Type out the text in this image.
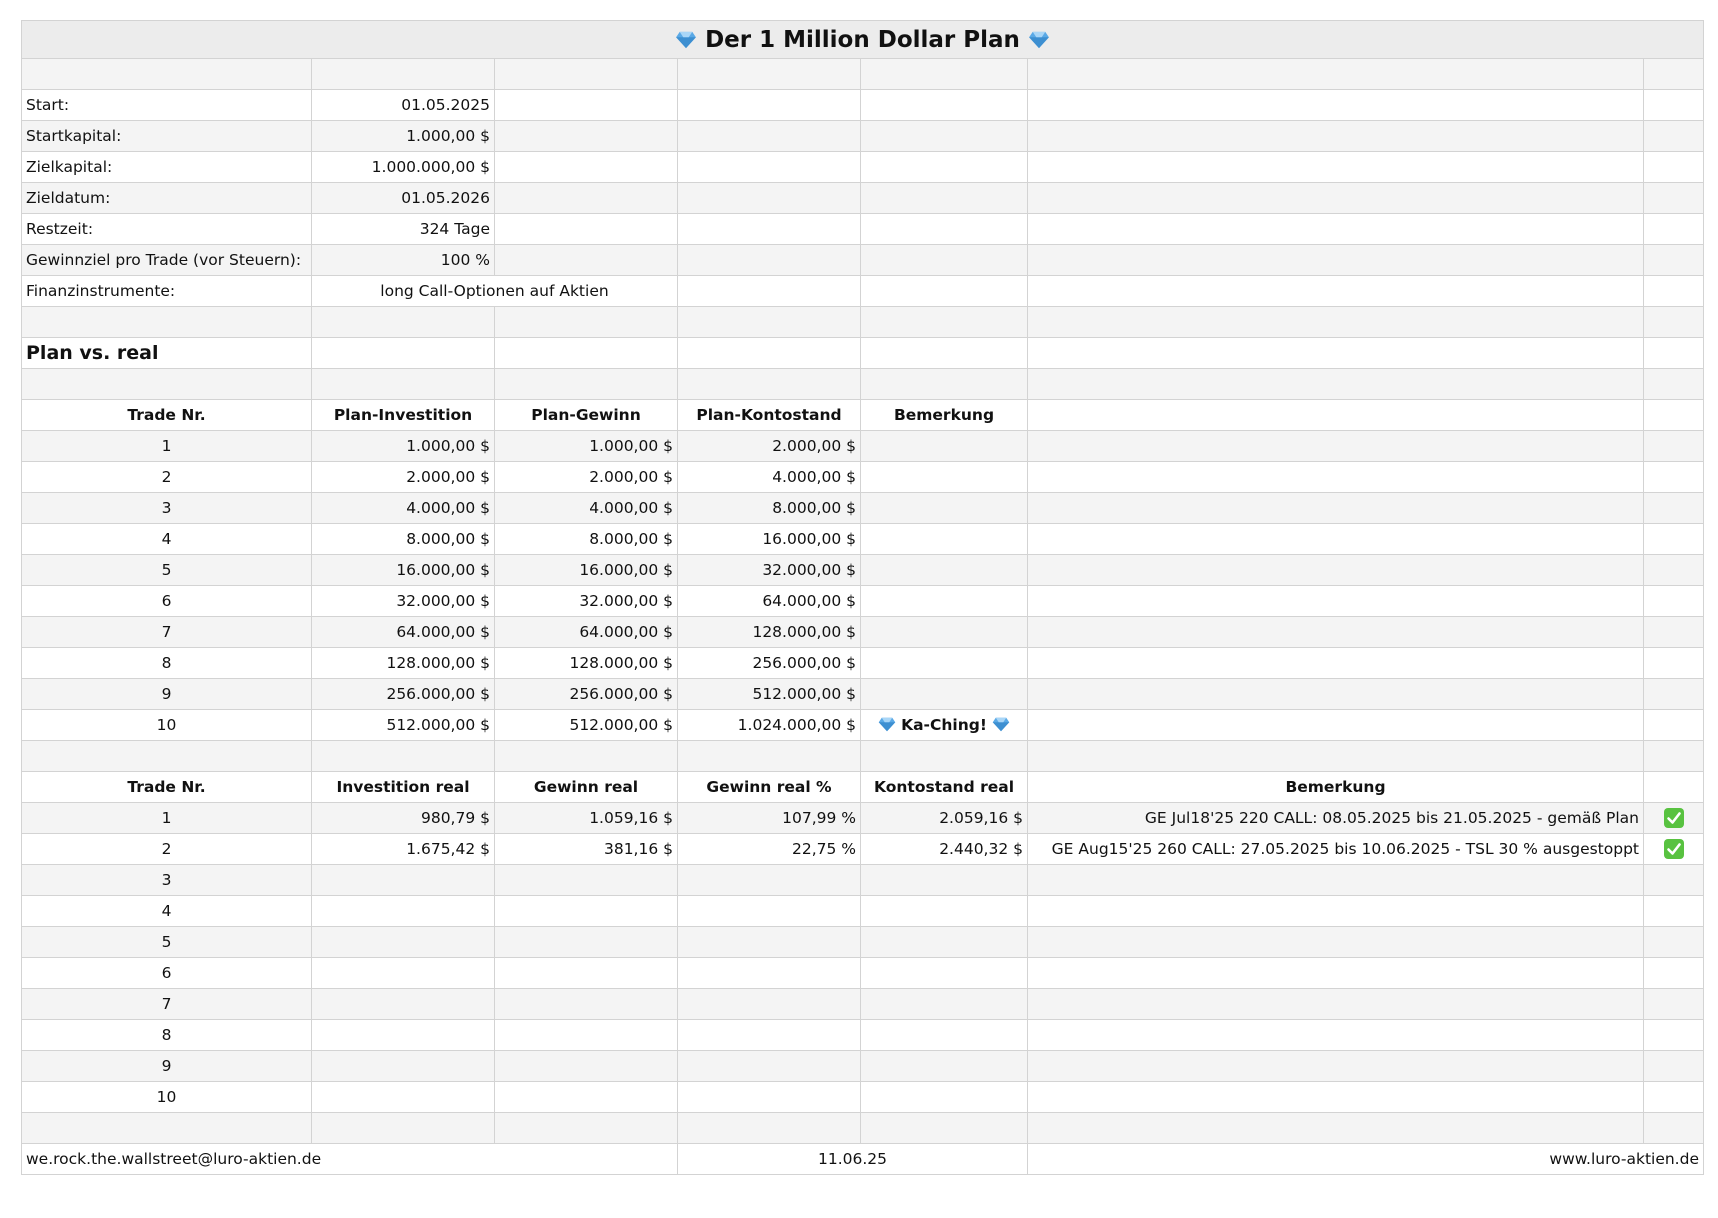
Der 1 Million Dollar Plan						

Start:	01.05.2025					
Startkapital:	1.000,00 $					
Zielkapital:	1.000.000,00 $					
Zieldatum:	01.05.2026					
Restzeit:	324 Tage					
Gewinnziel pro Trade (vor Steuern):	100 %					
Finanzinstrumente:	long Call-Optionen auf Aktien					

Plan vs. real						

Trade Nr.	Plan-Investition	Plan-Gewinn	Plan-Kontostand	Bemerkung		
1	1.000,00 $	1.000,00 $	2.000,00 $			
2	2.000,00 $	2.000,00 $	4.000,00 $			
3	4.000,00 $	4.000,00 $	8.000,00 $			
4	8.000,00 $	8.000,00 $	16.000,00 $			
5	16.000,00 $	16.000,00 $	32.000,00 $			
6	32.000,00 $	32.000,00 $	64.000,00 $			
7	64.000,00 $	64.000,00 $	128.000,00 $			
8	128.000,00 $	128.000,00 $	256.000,00 $			
9	256.000,00 $	256.000,00 $	512.000,00 $			
10	512.000,00 $	512.000,00 $	1.024.000,00 $	Ka-Ching!		

Trade Nr.	Investition real	Gewinn real	Gewinn real %	Kontostand real	Bemerkung	
1	980,79 $	1.059,16 $	107,99 %	2.059,16 $	GE Jul18'25 220 CALL: 08.05.2025 bis 21.05.2025 - gemäß Plan	

2	1.675,42 $	381,16 $	22,75 %	2.440,32 $	GE Aug15'25 260 CALL: 27.05.2025 bis 10.06.2025 - TSL 30 % ausgestoppt	

3						
4						
5						
6						
7						
8						
9						
10						

we.rock.the.wallstreet@luro-aktien.de			11.06.25		www.luro-aktien.de	
